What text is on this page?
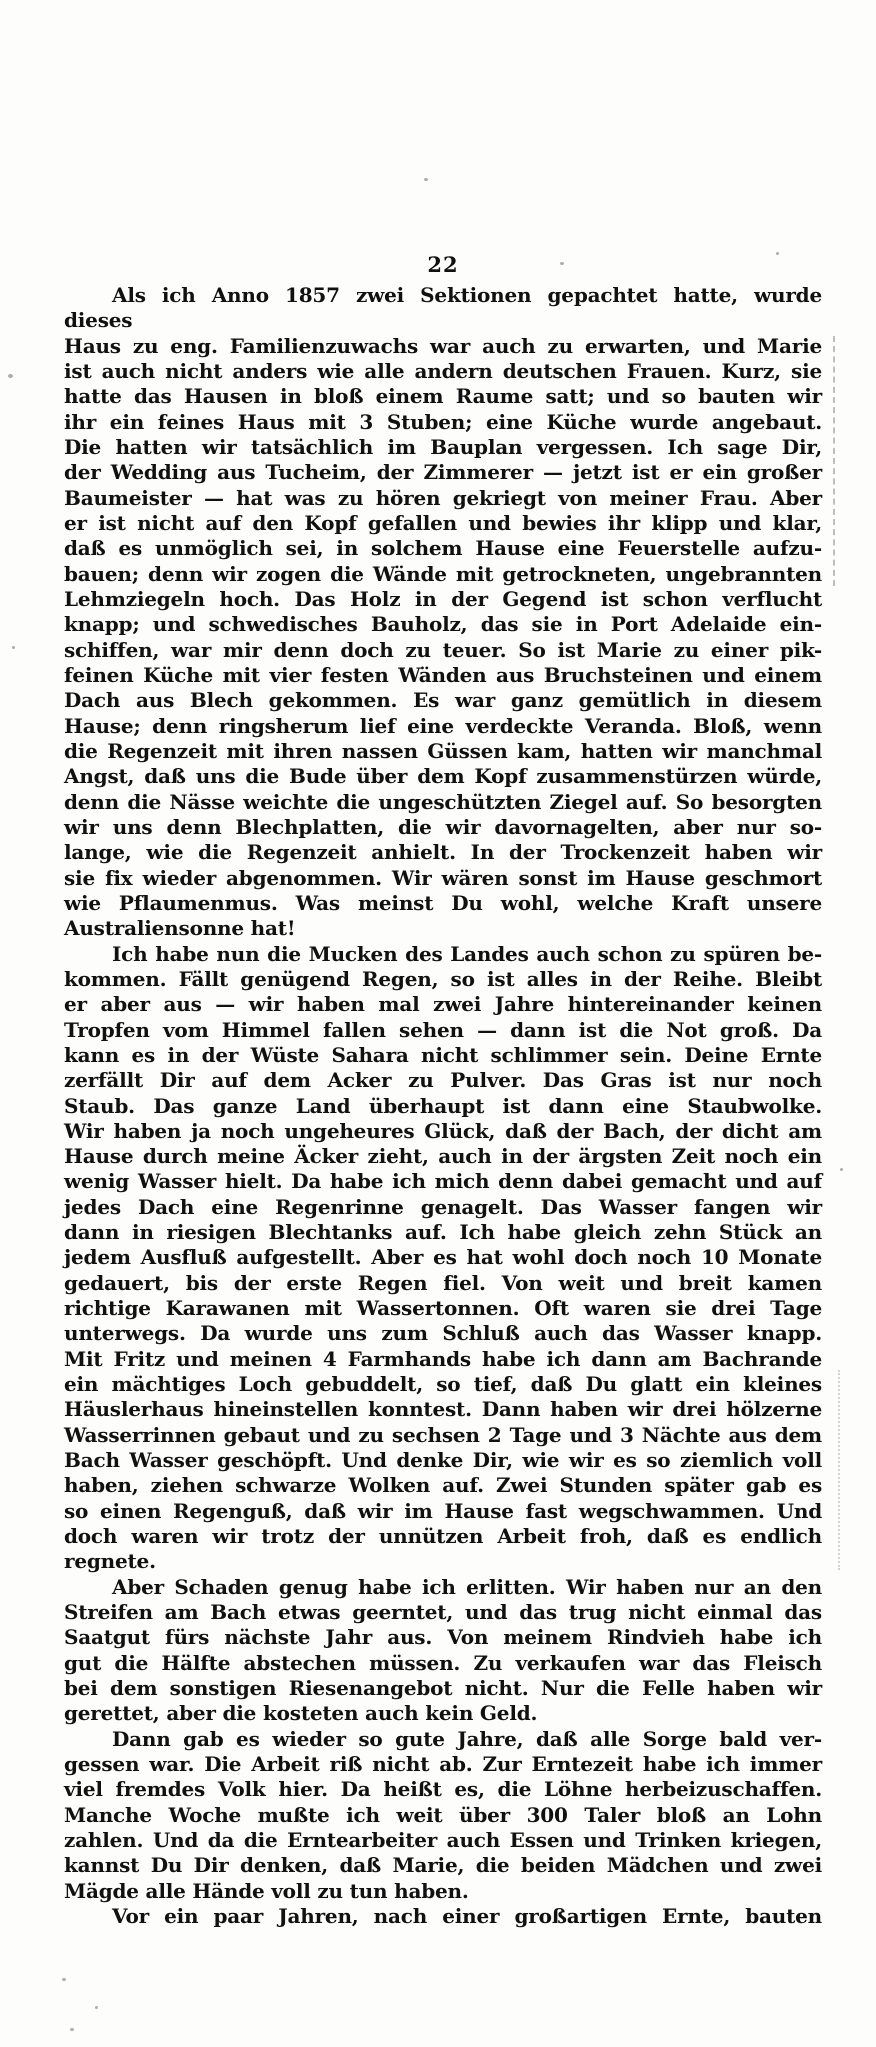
22
Als ich Anno 1857 zwei Sektionen gepachtet hatte, wurde dieses
Haus zu eng. Familienzuwachs war auch zu erwarten, und Marie
ist auch nicht anders wie alle andern deutschen Frauen. Kurz, sie
hatte das Hausen in bloß einem Raume satt; und so bauten wir
ihr ein feines Haus mit 3 Stuben; eine Küche wurde angebaut.
Die hatten wir tatsächlich im Bauplan vergessen. Ich sage Dir,
der Wedding aus Tucheim, der Zimmerer — jetzt ist er ein großer
Baumeister — hat was zu hören gekriegt von meiner Frau. Aber
er ist nicht auf den Kopf gefallen und bewies ihr klipp und klar,
daß es unmöglich sei, in solchem Hause eine Feuerstelle aufzu-
bauen; denn wir zogen die Wände mit getrockneten, ungebrannten
Lehmziegeln hoch. Das Holz in der Gegend ist schon verflucht
knapp; und schwedisches Bauholz, das sie in Port Adelaide ein-
schiffen, war mir denn doch zu teuer. So ist Marie zu einer pik-
feinen Küche mit vier festen Wänden aus Bruchsteinen und einem
Dach aus Blech gekommen. Es war ganz gemütlich in diesem
Hause; denn ringsherum lief eine verdeckte Veranda. Bloß, wenn
die Regenzeit mit ihren nassen Güssen kam, hatten wir manchmal
Angst, daß uns die Bude über dem Kopf zusammenstürzen würde,
denn die Nässe weichte die ungeschützten Ziegel auf. So besorgten
wir uns denn Blechplatten, die wir davornagelten, aber nur so-
lange, wie die Regenzeit anhielt. In der Trockenzeit haben wir
sie fix wieder abgenommen. Wir wären sonst im Hause geschmort
wie Pflaumenmus. Was meinst Du wohl, welche Kraft unsere
Australiensonne hat!
Ich habe nun die Mucken des Landes auch schon zu spüren be-
kommen. Fällt genügend Regen, so ist alles in der Reihe. Bleibt
er aber aus — wir haben mal zwei Jahre hintereinander keinen
Tropfen vom Himmel fallen sehen — dann ist die Not groß. Da
kann es in der Wüste Sahara nicht schlimmer sein. Deine Ernte
zerfällt Dir auf dem Acker zu Pulver. Das Gras ist nur noch
Staub. Das ganze Land überhaupt ist dann eine Staubwolke.
Wir haben ja noch ungeheures Glück, daß der Bach, der dicht am
Hause durch meine Äcker zieht, auch in der ärgsten Zeit noch ein
wenig Wasser hielt. Da habe ich mich denn dabei gemacht und auf
jedes Dach eine Regenrinne genagelt. Das Wasser fangen wir
dann in riesigen Blechtanks auf. Ich habe gleich zehn Stück an
jedem Ausfluß aufgestellt. Aber es hat wohl doch noch 10 Monate
gedauert, bis der erste Regen fiel. Von weit und breit kamen
richtige Karawanen mit Wassertonnen. Oft waren sie drei Tage
unterwegs. Da wurde uns zum Schluß auch das Wasser knapp.
Mit Fritz und meinen 4 Farmhands habe ich dann am Bachrande
ein mächtiges Loch gebuddelt, so tief, daß Du glatt ein kleines
Häuslerhaus hineinstellen konntest. Dann haben wir drei hölzerne
Wasserrinnen gebaut und zu sechsen 2 Tage und 3 Nächte aus dem
Bach Wasser geschöpft. Und denke Dir, wie wir es so ziemlich voll
haben, ziehen schwarze Wolken auf. Zwei Stunden später gab es
so einen Regenguß, daß wir im Hause fast wegschwammen. Und
doch waren wir trotz der unnützen Arbeit froh, daß es endlich
regnete.
Aber Schaden genug habe ich erlitten. Wir haben nur an den
Streifen am Bach etwas geerntet, und das trug nicht einmal das
Saatgut fürs nächste Jahr aus. Von meinem Rindvieh habe ich
gut die Hälfte abstechen müssen. Zu verkaufen war das Fleisch
bei dem sonstigen Riesenangebot nicht. Nur die Felle haben wir
gerettet, aber die kosteten auch kein Geld.
Dann gab es wieder so gute Jahre, daß alle Sorge bald ver-
gessen war. Die Arbeit riß nicht ab. Zur Erntezeit habe ich immer
viel fremdes Volk hier. Da heißt es, die Löhne herbeizuschaffen.
Manche Woche mußte ich weit über 300 Taler bloß an Lohn
zahlen. Und da die Erntearbeiter auch Essen und Trinken kriegen,
kannst Du Dir denken, daß Marie, die beiden Mädchen und zwei
Mägde alle Hände voll zu tun haben.
Vor ein paar Jahren, nach einer großartigen Ernte, bauten
